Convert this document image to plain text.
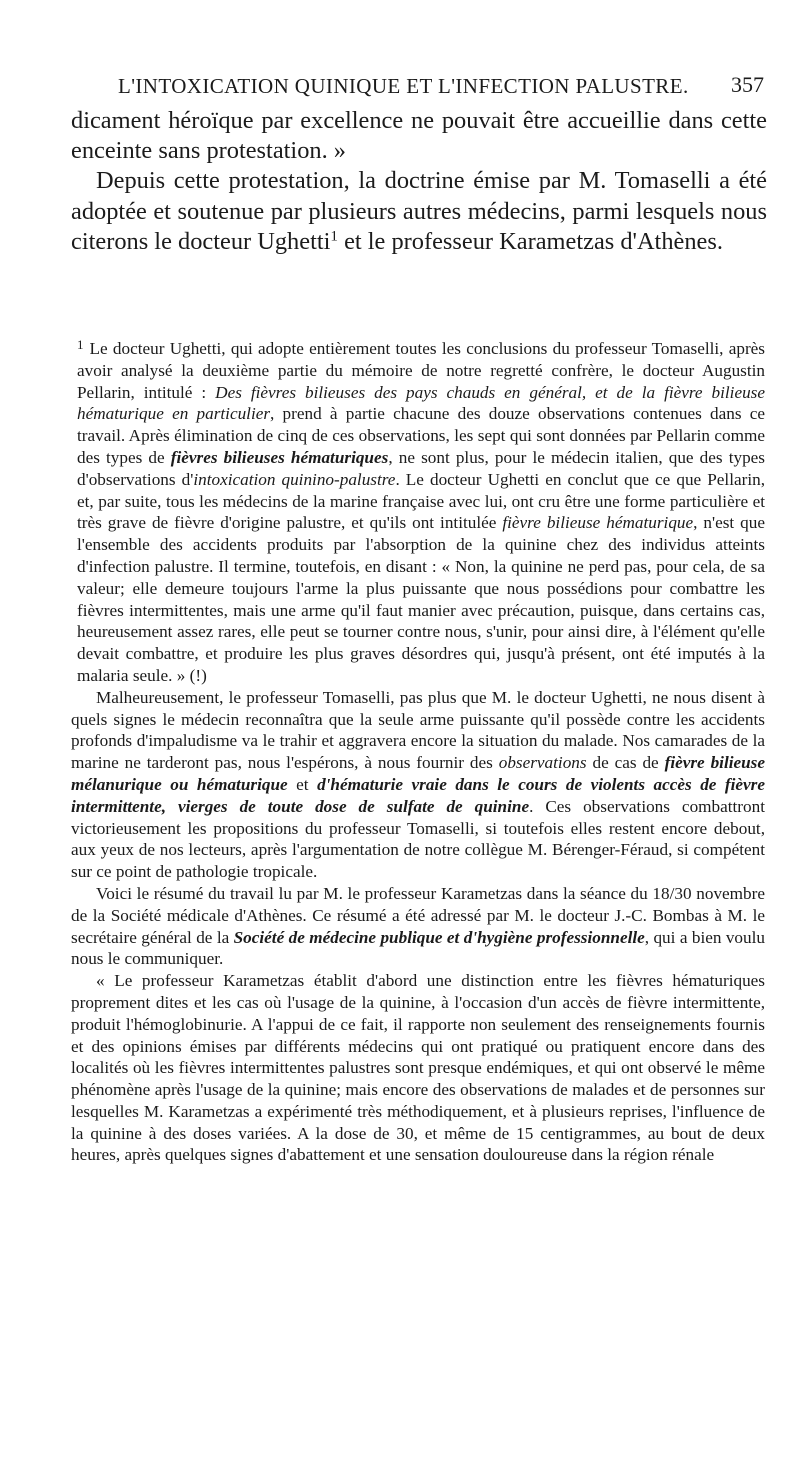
L'INTOXICATION QUINIQUE ET L'INFECTION PALUSTRE. 357

dicament héroïque par excellence ne pouvait être accueillie dans cette enceinte sans protestation. »

Depuis cette protestation, la doctrine émise par M. Tomaselli a été adoptée et soutenue par plusieurs autres médecins, parmi lesquels nous citerons le docteur Ughetti$^1$ et le professeur Karametzas d'Athènes.

$^1$ Le docteur Ughetti, qui adopte entièrement toutes les conclusions du professeur Tomaselli, après avoir analysé la deuxième partie du mémoire de notre regretté confrère, le docteur Augustin Pellarin, intitulé : Des fièvres bilieuses des pays chauds en général, et de la fièvre bilieuse hématurique en particulier, prend à partie chacune des douze observations contenues dans ce travail. Après élimination de cinq de ces observations, les sept qui sont données par Pellarin comme des types de fièvres bilieuses hématuriques, ne sont plus, pour le médecin italien, que des types d'observations d'intoxication quinino-palustre. Le docteur Ughetti en conclut que ce que Pellarin, et, par suite, tous les médecins de la marine française avec lui, ont cru être une forme particulière et très grave de fièvre d'origine palustre, et qu'ils ont intitulée fièvre bilieuse hématurique, n'est que l'ensemble des accidents produits par l'absorption de la quinine chez des individus atteints d'infection palustre. Il termine, toutefois, en disant : « Non, la quinine ne perd pas, pour cela, de sa valeur; elle demeure toujours l'arme la plus puissante que nous possédions pour combattre les fièvres intermittentes, mais une arme qu'il faut manier avec précaution, puisque, dans certains cas, heureusement assez rares, elle peut se tourner contre nous, s'unir, pour ainsi dire, à l'élément qu'elle devait combattre, et produire les plus graves désordres qui, jusqu'à présent, ont été imputés à la malaria seule. » (!)

Malheureusement, le professeur Tomaselli, pas plus que M. le docteur Ughetti, ne nous disent à quels signes le médecin reconnaîtra que la seule arme puissante qu'il possède contre les accidents profonds d'impaludisme va le trahir et aggravera encore la situation du malade. Nos camarades de la marine ne tarderont pas, nous l'espérons, à nous fournir des observations de cas de fièvre bilieuse mélanurique ou hématurique et d'hématurie vraie dans le cours de violents accès de fièvre intermittente, vierges de toute dose de sulfate de quinine. Ces observations combattront victorieusement les propositions du professeur Tomaselli, si toutefois elles restent encore debout, aux yeux de nos lecteurs, après l'argumentation de notre collègue M. Bérenger-Féraud, si compétent sur ce point de pathologie tropicale.

Voici le résumé du travail lu par M. le professeur Karametzas dans la séance du 18/30 novembre de la Société médicale d'Athènes. Ce résumé a été adressé par M. le docteur J.-C. Bombas à M. le secrétaire général de la Société de médecine publique et d'hygiène professionnelle, qui a bien voulu nous le communiquer.

« Le professeur Karametzas établit d'abord une distinction entre les fièvres hématuriques proprement dites et les cas où l'usage de la quinine, à l'occasion d'un accès de fièvre intermittente, produit l'hémoglobinurie. A l'appui de ce fait, il rapporte non seulement des renseignements fournis et des opinions émises par différents médecins qui ont pratiqué ou pratiquent encore dans des localités où les fièvres intermittentes palustres sont presque endémiques, et qui ont observé le même phénomène après l'usage de la quinine; mais encore des observations de malades et de personnes sur lesquelles M. Karametzas a expérimenté très méthodiquement, et à plusieurs reprises, l'influence de la quinine à des doses variées. A la dose de 30, et même de 15 centigrammes, au bout de deux heures, après quelques signes d'abattement et une sensation douloureuse dans la région rénale
